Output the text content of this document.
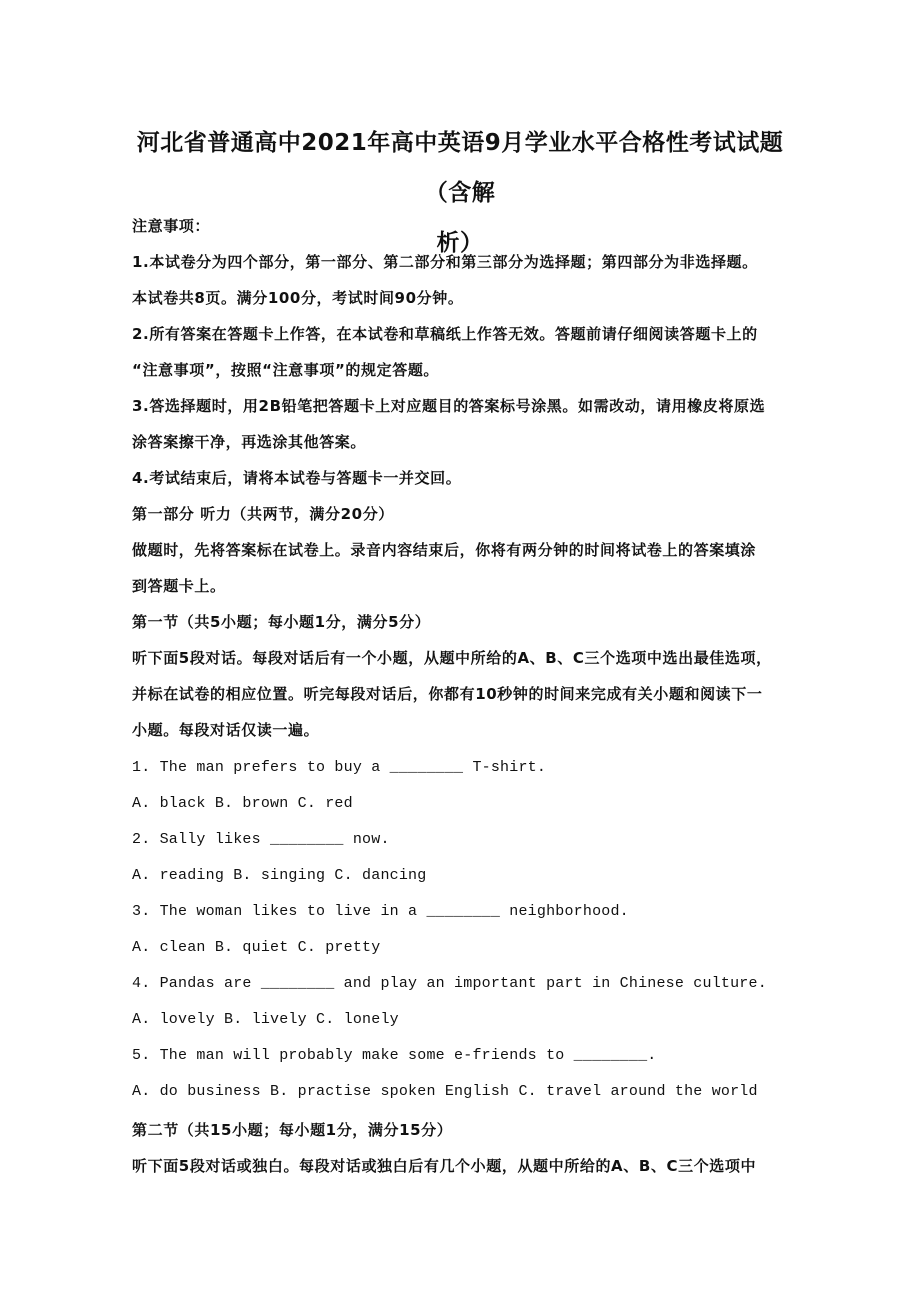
河北省普通高中2021年高中英语9月学业水平合格性考试试题（含解
析）
注意事项：
1.本试卷分为四个部分，第一部分、第二部分和第三部分为选择题；第四部分为非选择题。
本试卷共8页。满分100分，考试时间90分钟。
2.所有答案在答题卡上作答，在本试卷和草稿纸上作答无效。答题前请仔细阅读答题卡上的
“注意事项”，按照“注意事项”的规定答题。
3.答选择题时，用2B铅笔把答题卡上对应题目的答案标号涂黑。如需改动，请用橡皮将原选
涂答案擦干净，再选涂其他答案。
4.考试结束后，请将本试卷与答题卡一并交回。
第一部分 听力（共两节，满分20分）
做题时，先将答案标在试卷上。录音内容结束后，你将有两分钟的时间将试卷上的答案填涂
到答题卡上。
第一节（共5小题；每小题1分，满分5分）
听下面5段对话。每段对话后有一个小题，从题中所给的A、B、C三个选项中选出最佳选项，
并标在试卷的相应位置。听完每段对话后，你都有10秒钟的时间来完成有关小题和阅读下一
小题。每段对话仅读一遍。
1. The man prefers to buy a ________ T-shirt.
A. black B. brown C. red
2. Sally likes ________ now.
A. reading B. singing C. dancing
3. The woman likes to live in a ________ neighborhood.
A. clean B. quiet C. pretty
4. Pandas are ________ and play an important part in Chinese culture.
A. lovely B. lively C. lonely
5. The man will probably make some e-friends to ________.
A. do business B. practise spoken English C. travel around the world
第二节（共15小题；每小题1分，满分15分）
听下面5段对话或独白。每段对话或独白后有几个小题，从题中所给的A、B、C三个选项中
